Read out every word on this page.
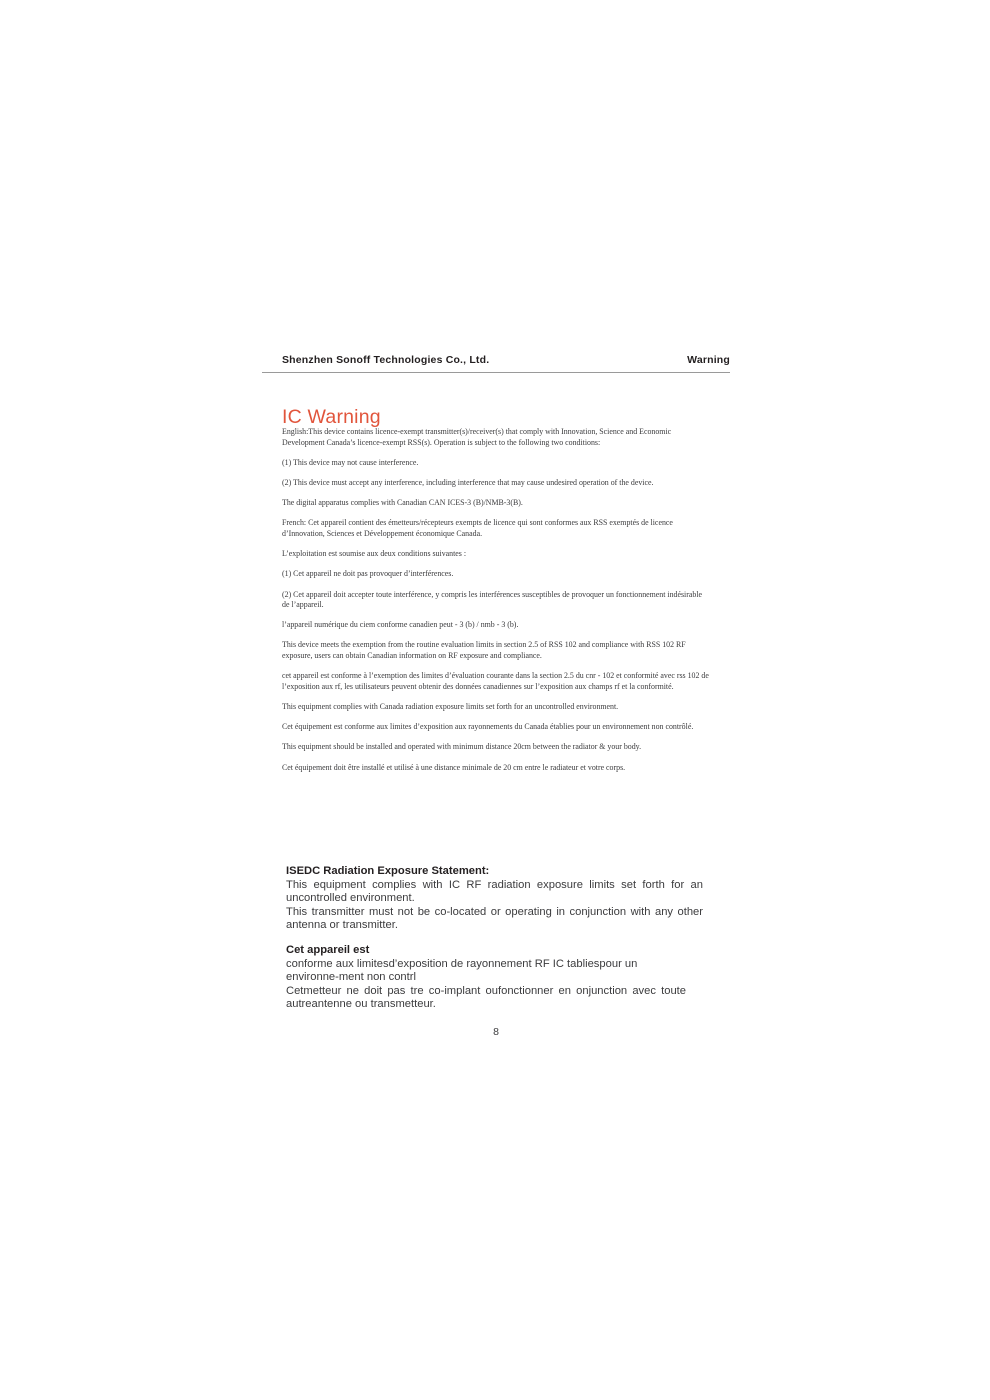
Shenzhen Sonoff Technologies Co., Ltd.	Warning
IC Warning

English:This device contains licence-exempt transmitter(s)/receiver(s) that comply with Innovation, Science and Economic Development Canada’s licence-exempt RSS(s). Operation is subject to the following two conditions:

(1) This device may not cause interference.

(2) This device must accept any interference, including interference that may cause undesired operation of the device.

The digital apparatus complies with Canadian CAN ICES-3 (B)/NMB-3(B).

French: Cet appareil contient des émetteurs/récepteurs exempts de licence qui sont conformes aux RSS exemptés de licence d’Innovation, Sciences et Développement économique Canada.

L’exploitation est soumise aux deux conditions suivantes :

(1) Cet appareil ne doit pas provoquer d’interférences.

(2) Cet appareil doit accepter toute interférence, y compris les interférences susceptibles de provoquer un fonctionnement indésirable de l’appareil.

l’appareil numérique du ciem conforme canadien peut - 3 (b) / nmb - 3 (b).

This device meets the exemption from the routine evaluation limits in section 2.5 of RSS 102 and compliance with RSS 102 RF exposure, users can obtain Canadian information on RF exposure and compliance.

cet appareil est conforme à l’exemption des limites d’évaluation courante dans la section 2.5 du cnr - 102 et conformité avec rss 102 de l’exposition aux rf, les utilisateurs peuvent obtenir des données canadiennes sur l’exposition aux champs rf et la conformité.

This equipment complies with Canada radiation exposure limits set forth for an uncontrolled environment.

Cet équipement est conforme aux limites d’exposition aux rayonnements du Canada établies pour un environnement non contrôlé.

This equipment should be installed and operated with minimum distance 20cm between the radiator & your body.

Cet équipement doit être installé et utilisé à une distance minimale de 20 cm entre le radiateur et votre corps.

ISEDC Radiation Exposure Statement:

This equipment complies with IC RF radiation exposure limits set forth for an uncontrolled environment.

This transmitter must not be co-located or operating in conjunction with any other antenna or transmitter.

Cet appareil est

conforme aux limitesd’exposition de rayonnement RF IC tabliespour un environne-ment non contrl

Cetmetteur ne doit pas tre co-implant oufonctionner en onjunction avec toute autreantenne ou transmetteur.

8
